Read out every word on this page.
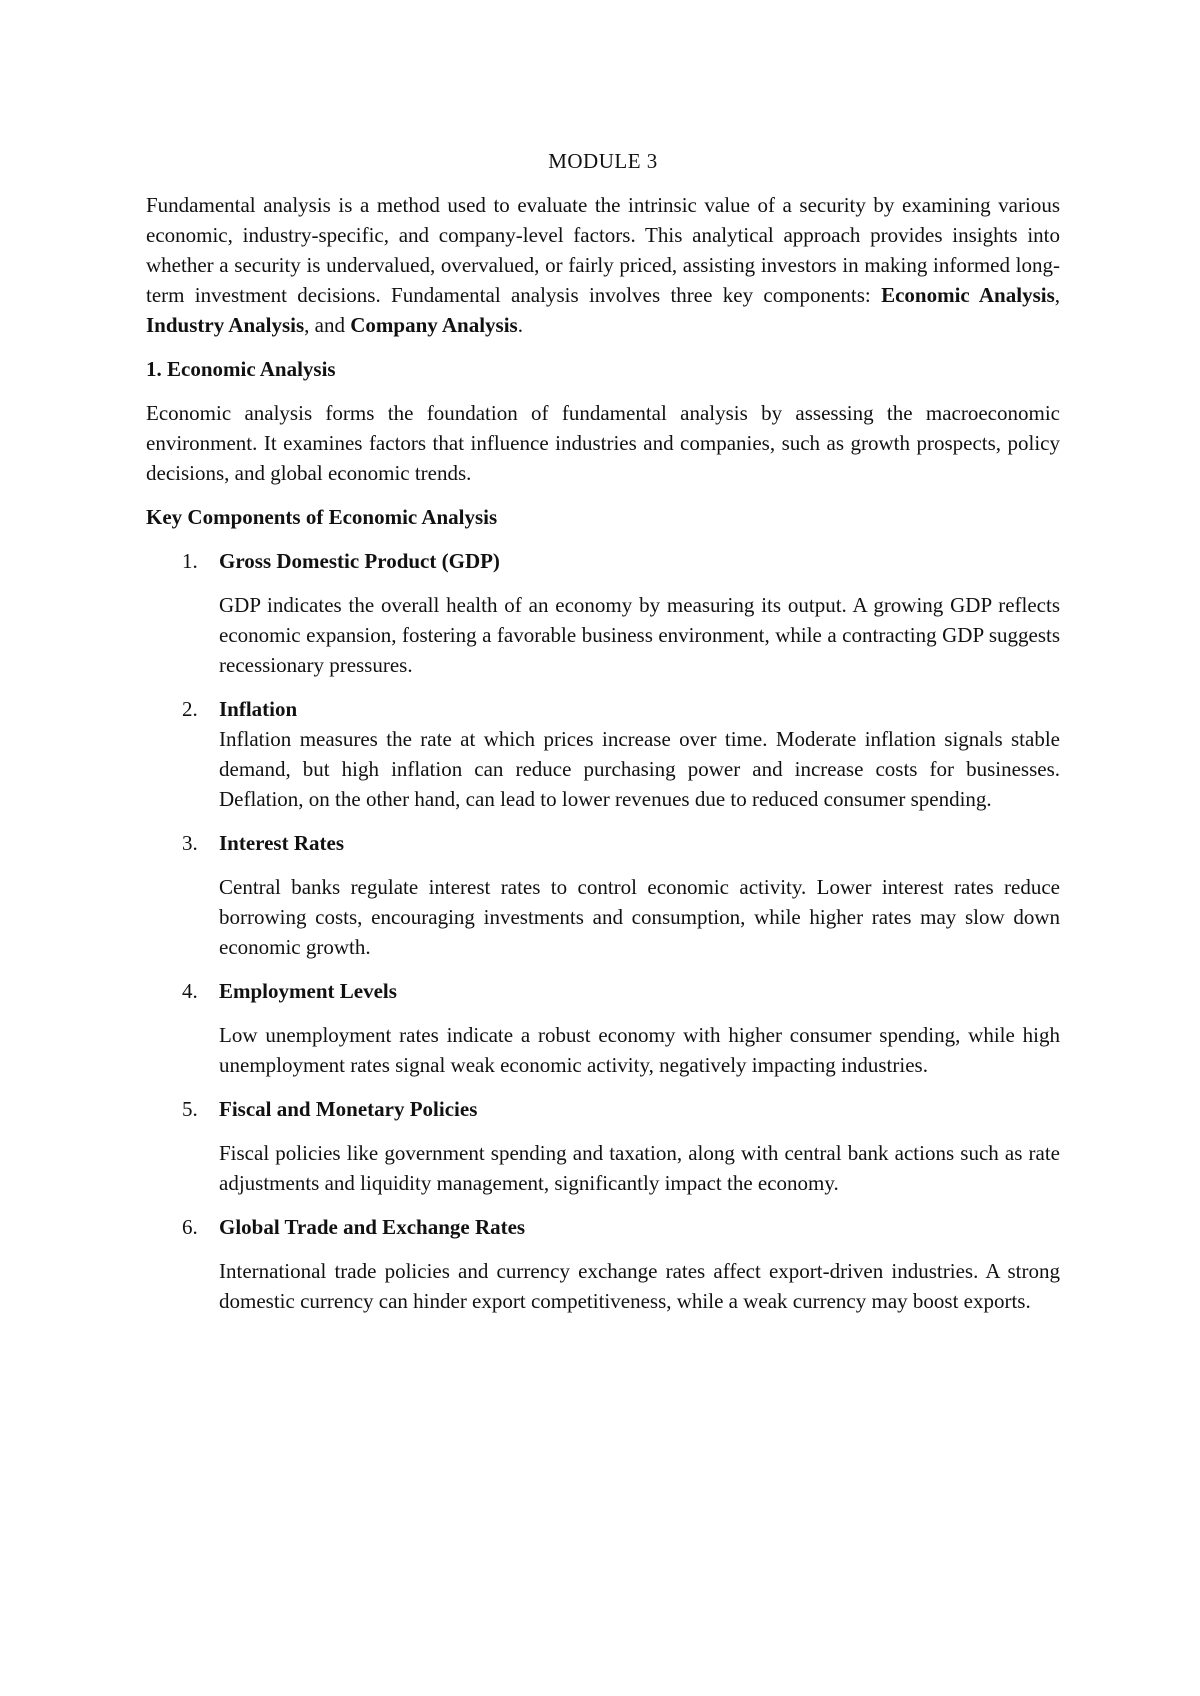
MODULE 3

Fundamental analysis is a method used to evaluate the intrinsic value of a security by examining various economic, industry-specific, and company-level factors. This analytical approach provides insights into whether a security is undervalued, overvalued, or fairly priced, assisting investors in making informed long-term investment decisions. Fundamental analysis involves three key components: Economic Analysis, Industry Analysis, and Company Analysis.

1. Economic Analysis

Economic analysis forms the foundation of fundamental analysis by assessing the macroeconomic environment. It examines factors that influence industries and companies, such as growth prospects, policy decisions, and global economic trends.

Key Components of Economic Analysis
1. Gross Domestic Product (GDP)
GDP indicates the overall health of an economy by measuring its output. A growing GDP reflects economic expansion, fostering a favorable business environment, while a contracting GDP suggests recessionary pressures.
2. Inflation
Inflation measures the rate at which prices increase over time. Moderate inflation signals stable demand, but high inflation can reduce purchasing power and increase costs for businesses. Deflation, on the other hand, can lead to lower revenues due to reduced consumer spending.
3. Interest Rates
Central banks regulate interest rates to control economic activity. Lower interest rates reduce borrowing costs, encouraging investments and consumption, while higher rates may slow down economic growth.
4. Employment Levels
Low unemployment rates indicate a robust economy with higher consumer spending, while high unemployment rates signal weak economic activity, negatively impacting industries.
5. Fiscal and Monetary Policies
Fiscal policies like government spending and taxation, along with central bank actions such as rate adjustments and liquidity management, significantly impact the economy.
6. Global Trade and Exchange Rates
International trade policies and currency exchange rates affect export-driven industries. A strong domestic currency can hinder export competitiveness, while a weak currency may boost exports.
